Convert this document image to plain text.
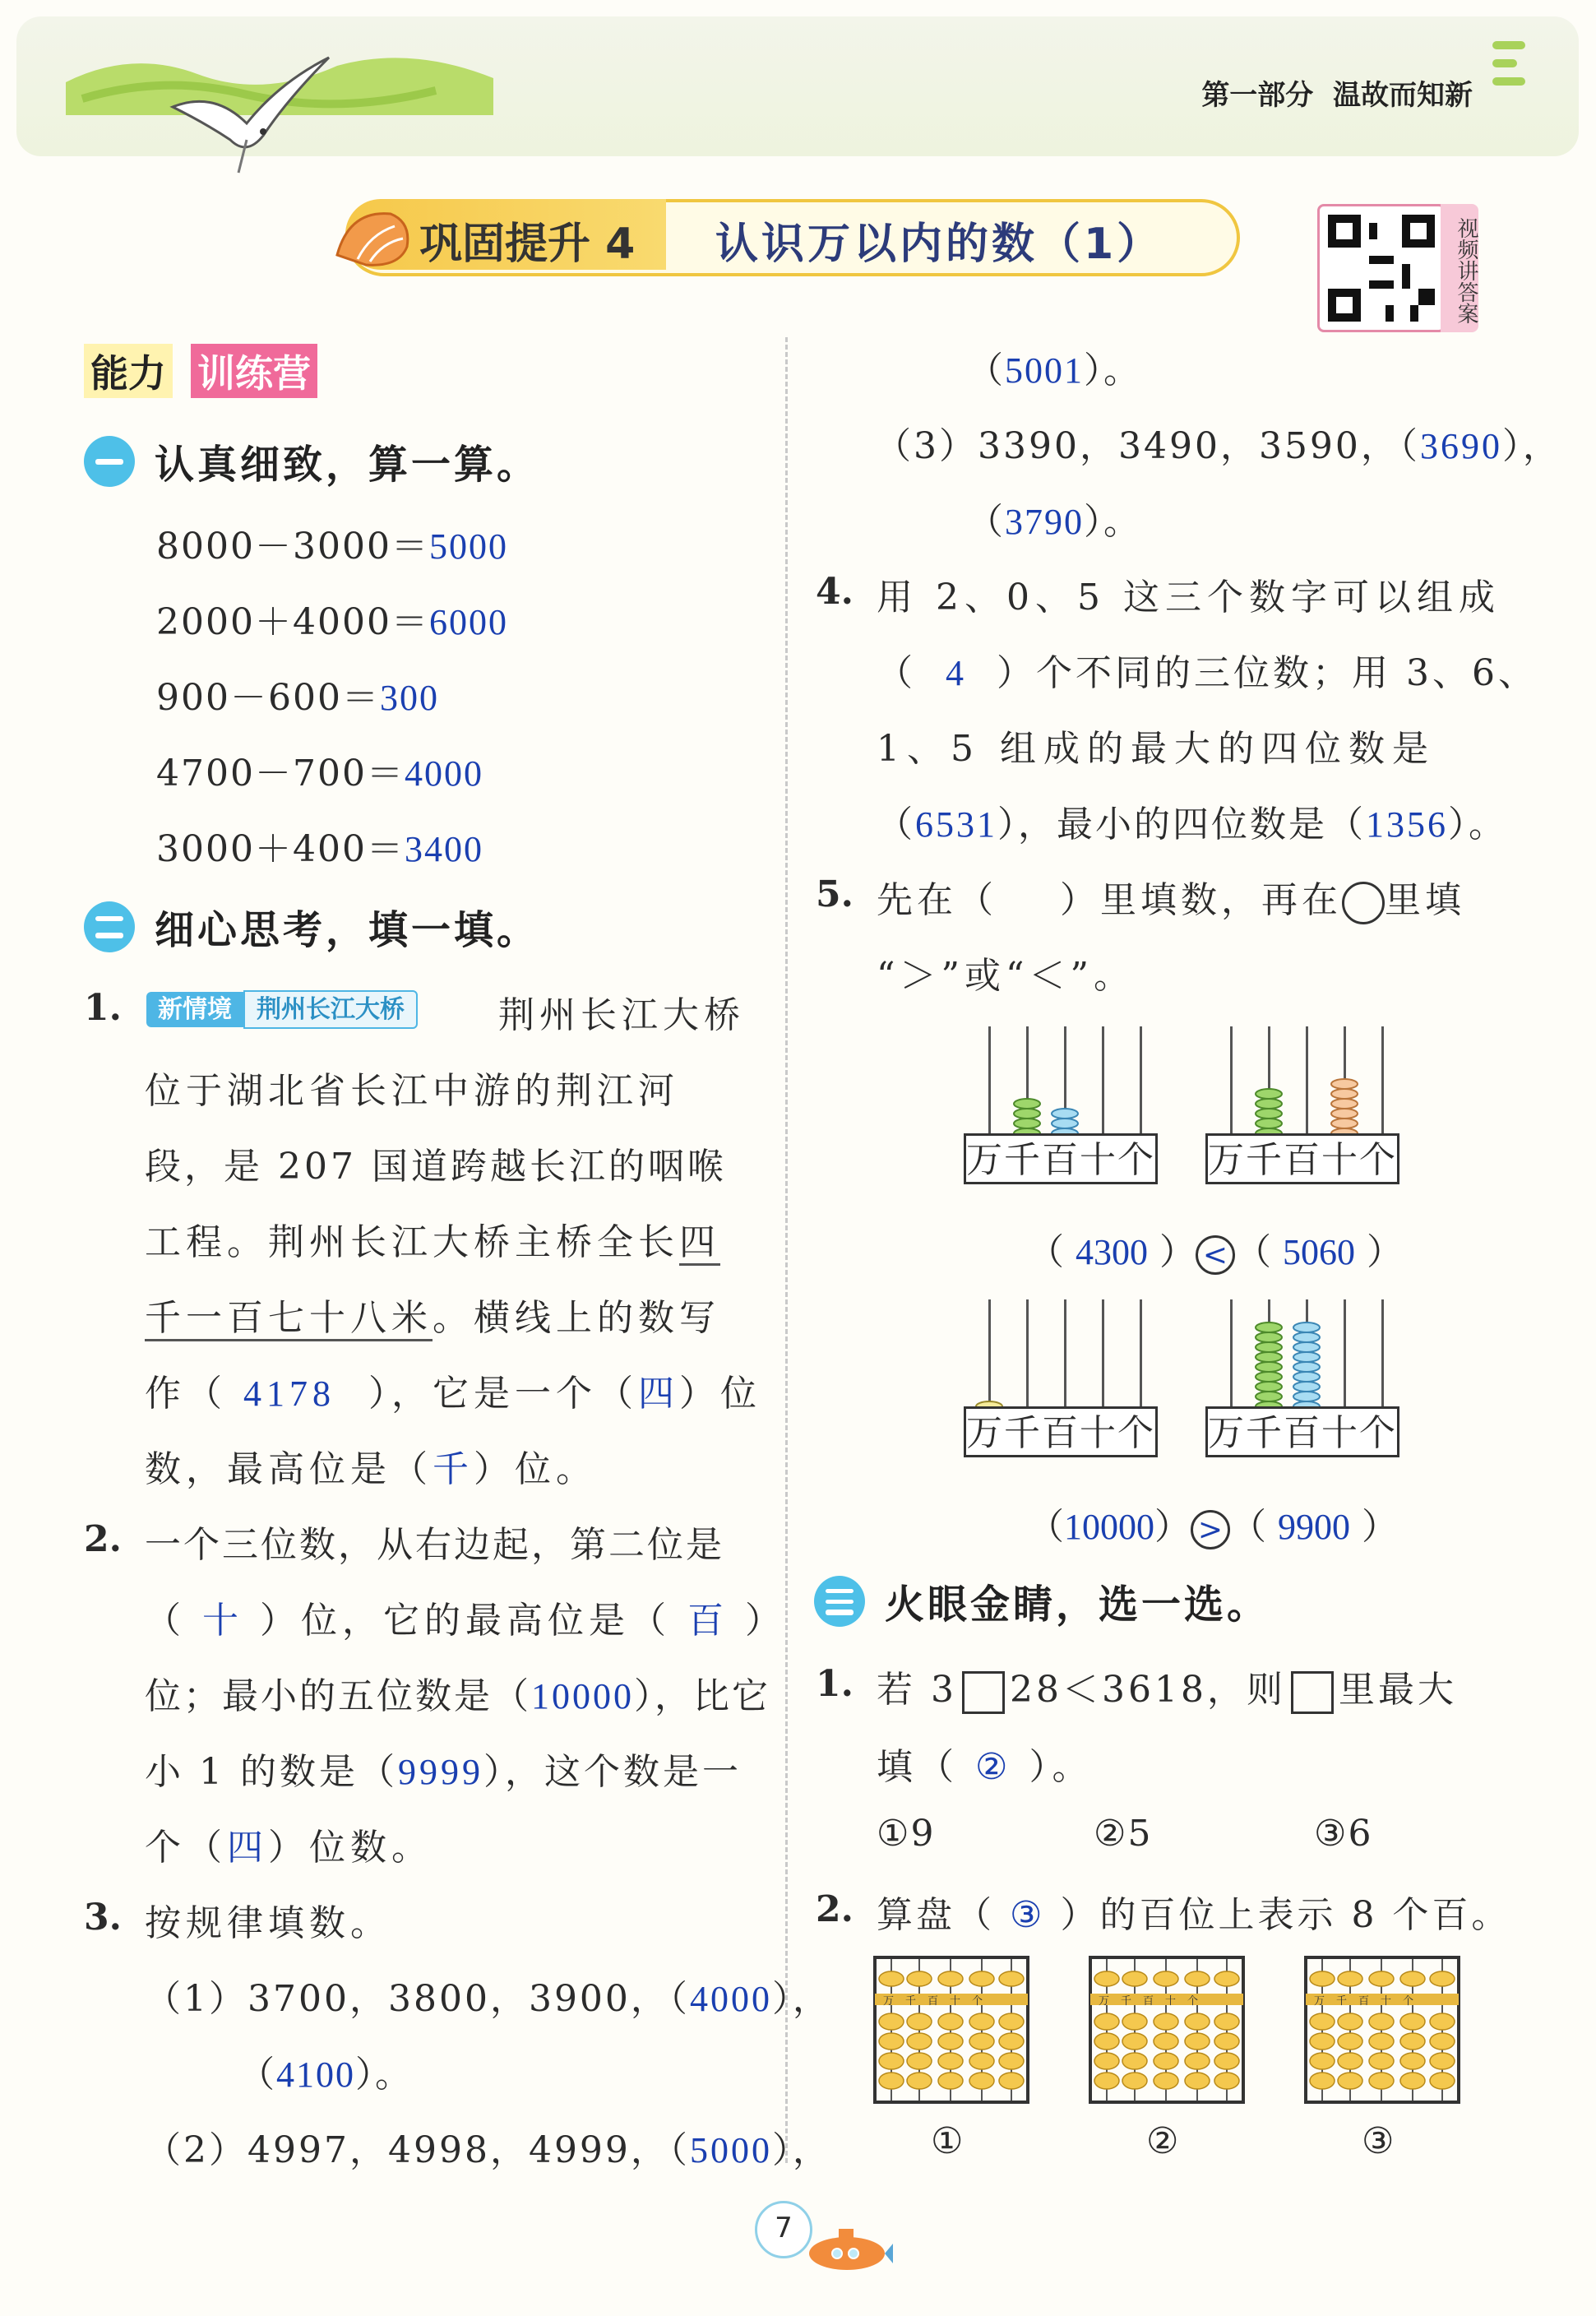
第一部分 温故而知新
巩固提升 4 认识万以内的数（1）	视频讲答案
能力 训练营
认真细致，算一算。
8000－3000＝5000
2000＋4000＝6000
900－600＝300
4700－700＝4000
3000＋400＝3400
细心思考，填一填。
1.	新情境 荆州长江大桥	荆州长江大桥
位于湖北省长江中游的荆江河
段，是 207 国道跨越长江的咽喉
工程。荆州长江大桥主桥全长四
千一百七十八米。横线上的数写
作（ 4178 ），它是一个（四）位
数，最高位是（千）位。
2. 一个三位数，从右边起，第二位是
（ 十 ）位，它的最高位是（ 百 ）
位；最小的五位数是（10000），比它
小 1 的数是（9999），这个数是一
个（四）位数。
3. 按规律填数。
（1）3700，3800，3900，（4000），
（4100）。
（2）4997，4998，4999，（5000），
（5001）。
（3）3390，3490，3590，（3690），
（3790）。
4. 用 2、0、5 这三个数字可以组成
（ 4 ）个不同的三位数；用 3、6、
1、5 组成的最大的四位数是
（6531），最小的四位数是（1356）。
5. 先在（ ）里填数，再在 里填
“＞”或“＜”。
万千百十个 万千百十个
（ 4300 ） < （ 5060 ）
万千百十个 万千百十个
（10000） > （ 9900 ）
火眼金睛，选一选。
1. 若 3 28＜3618，则 里最大
填（ ② ）。
①9	②5	③6
2. 算盘（ ③ ）的百位上表示 8 个百。
万千百十个	万千百十个	万千百十个
①	②	③
7
